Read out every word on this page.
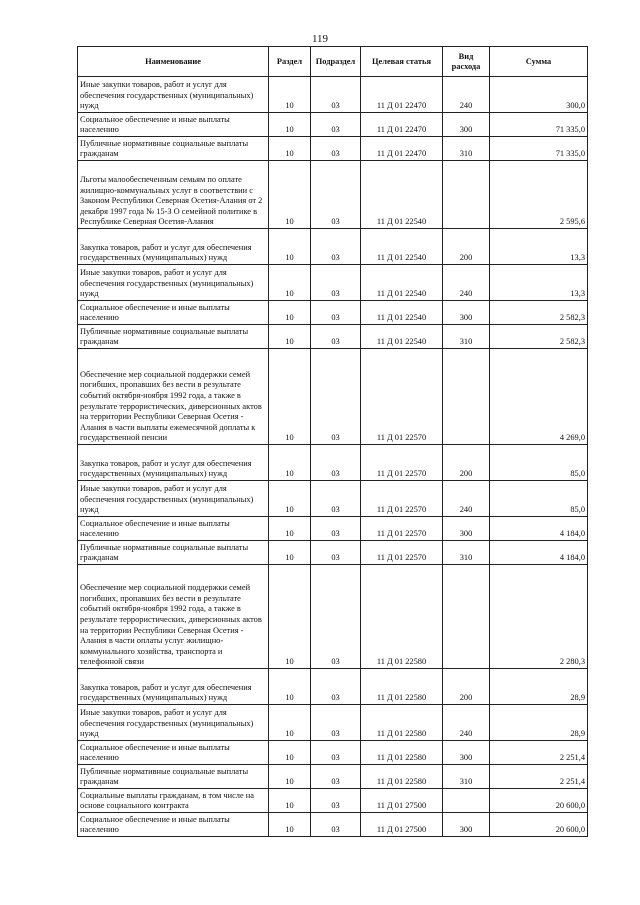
119
Наименование	Раздел	Подраздел	Целевая статья	Вид расхода	Сумма
Иные закупки товаров, работ и услуг для обеспечения государственных (муниципальных) нужд	10	03	11 Д 01 22470	240	300,0
Социальное обеспечение и иные выплаты населению	10	03	11 Д 01 22470	300	71 335,0
Публичные нормативные социальные выплаты гражданам	10	03	11 Д 01 22470	310	71 335,0
Льготы малообеспеченным семьям по оплате жилищно-коммунальных услуг в соответствии с Законом Республики Северная Осетия-Алания от 2 декабря 1997 года № 15-З О семейной политике в Республике Северная Осетия-Алания	10	03	11 Д 01 22540		2 595,6
Закупка товаров, работ и услуг для обеспечения государственных (муниципальных) нужд	10	03	11 Д 01 22540	200	13,3
Иные закупки товаров, работ и услуг для обеспечения государственных (муниципальных) нужд	10	03	11 Д 01 22540	240	13,3
Социальное обеспечение и иные выплаты населению	10	03	11 Д 01 22540	300	2 582,3
Публичные нормативные социальные выплаты гражданам	10	03	11 Д 01 22540	310	2 582,3
Обеспечение мер социальной поддержки семей погибших, пропавших без вести в результате событий октября-ноября 1992 года, а также в результате террористических, диверсионных актов на территории Республики Северная Осетия - Алания в части выплаты ежемесячной доплаты к государственной пенсии	10	03	11 Д 01 22570		4 269,0
Закупка товаров, работ и услуг для обеспечения государственных (муниципальных) нужд	10	03	11 Д 01 22570	200	85,0
Иные закупки товаров, работ и услуг для обеспечения государственных (муниципальных) нужд	10	03	11 Д 01 22570	240	85,0
Социальное обеспечение и иные выплаты населению	10	03	11 Д 01 22570	300	4 184,0
Публичные нормативные социальные выплаты гражданам	10	03	11 Д 01 22570	310	4 184,0
Обеспечение мер социальной поддержки семей погибших, пропавших без вести в результате событий октября-ноября 1992 года, а также в результате террористических, диверсионных актов на территории Республики Северная Осетия - Алания в части оплаты услуг жилищно-коммунального хозяйства, транспорта и телефонной связи	10	03	11 Д 01 22580		2 280,3
Закупка товаров, работ и услуг для обеспечения государственных (муниципальных) нужд	10	03	11 Д 01 22580	200	28,9
Иные закупки товаров, работ и услуг для обеспечения государственных (муниципальных) нужд	10	03	11 Д 01 22580	240	28,9
Социальное обеспечение и иные выплаты населению	10	03	11 Д 01 22580	300	2 251,4
Публичные нормативные социальные выплаты гражданам	10	03	11 Д 01 22580	310	2 251,4
Социальные выплаты гражданам, в том числе на основе социального контракта	10	03	11 Д 01 27500		20 600,0
Социальное обеспечение и иные выплаты населению	10	03	11 Д 01 27500	300	20 600,0
